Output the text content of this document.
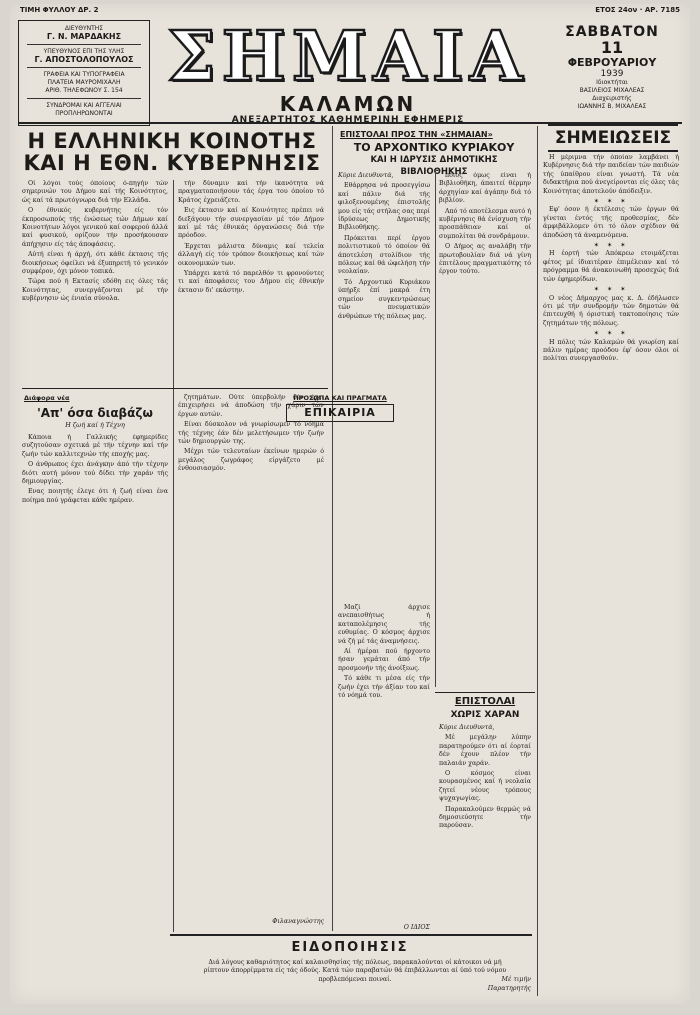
ΤΙΜΗ ΦΥΛΛΟΥ ΔΡ. 2	ΕΤΟΣ 24ον · ΑΡ. 7185
ΔΙΕΥΘΥΝΤΗΣ
Γ. Ν. ΜΑΡΔΑΚΗΣ
ΥΠΕΥΘΥΝΟΣ ΕΠΙ ΤΗΣ ΥΛΗΣ
Γ. ΑΠΟΣΤΟΛΟΠΟΥΛΟΣ
ΓΡΑΦΕΙΑ ΚΑΙ ΤΥΠΟΓΡΑΦΕΙΑ
ΠΛΑΤΕΙΑ ΜΑΥΡΟΜΙΧΑΛΗ
ΑΡΙΘ. ΤΗΛΕΦΩΝΟΥ Σ. 154
ΣΥΝΔΡΟΜΑΙ ΚΑΙ ΑΓΓΕΛΙΑΙ
ΠΡΟΠΛΗΡΩΝΟΝΤΑΙ
ΣΗΜΑΙΑ
ΚΑΛΑΜΩΝ
ΑΝΕΞΑΡΤΗΤΟΣ ΚΑΘΗΜΕΡΙΝΗ ΕΦΗΜΕΡΙΣ
ΣΑΒΒΑΤΟΝ
11
ΦΕΒΡΟΥΑΡΙΟΥ
1939
Ιδιοκτήται
ΒΑΣΙΛΕΙΟΣ ΜΙΧΑΛΕΑΣ
Διαχειριστής
ΙΩΑΝΝΗΣ Β. ΜΙΧΑΛΕΑΣ
Η ΕΛΛΗΝΙΚΗ ΚΟΙΝΟΤΗΣ
ΚΑΙ Η ΕΘΝ. ΚΥΒΕΡΝΗΣΙΣ

Οί λόγοι τούς όποίους ό-πηγήν τών σημερινών του Δήμου καί τής Κοινότητος, ώς καί τά πρωτόγνωρα διά τήν Ελλάδα.

Ο έθνικός κυβερνήτης είς τόν έκπροσωπούς τής ένώσεως τών Δήμων καί Κοινοτήτων λόγοι γενικού καί σοφερού άλλά καί φυσικού, ορίζουν τήν προσήκουσαν άπήχησιν είς τάς άποφάσεις.

Αύτή είναι ή άρχή, ότι κάθε έκτασις τής διοικήσεως όφείλει νά έξυπηρετή τό γενικόν συμφέρον, όχι μόνον τοπικά.

Τώρα πού ή Εκτασίς εδόθη εις όλες τάς Κοινότητας, συνεργάζονται μέ τήν κυβέρνησιν ώς ένιαία σύνολα.

τήν δύναμιν καί τήν ίκανότητα νά πραγματοποιήσουν τάς έργα του όποίου τό Κράτος έχρειάζετο.

Εις έκτασιν καί αί Κοινότητες πρέπει νά διεξάγουν τήν συνεργασίαν μέ τόν Δήμον καί μέ τάς έθνικάς όργανώσεις διά τήν πρόοδον.

Έρχεται μάλιστα δύναμις καί τελεία άλλαγή είς τόν τρόπον διοικήσεως καί τών οικονομικών των.

Υπάρχει κατά τό παρελθόν τι φρονούντες τι καί άποφάσεις του Δήμου είς έθνικήν έκτασιν δι' εκάστην.

ΕΠΙΣΤΟΛΑΙ ΠΡΟΣ ΤΗΝ «ΣΗΜΑΙΑΝ»
ΤΟ ΑΡΧΟΝΤΙΚΟ ΚΥΡΙΑΚΟΥ
ΚΑΙ Η ΙΔΡΥΣΙΣ ΔΗΜΟΤΙΚΗΣ ΒΙΒΛΙΟΘΗΚΗΣ

Κύριε Διευθυντά,

Εθάρρησα νά προσεγγίσω καί πάλιν διά τής φιλοξενουμένης έπιστολής μου είς τάς στήλας σας περί ίδρύσεως Δημοτικής Βιβλιοθήκης.

Πρόκειται περί έργου πολιτιστικού τό όποίον θά άποτελέση στολίδιον τής πόλεως καί θά ώφελήση τήν νεολαίαν.

Τό Αρχοντικό Κυριάκου ύπήρξε έπί μακρά έτη σημείον συγκεντρώσεως τών πνευματικών άνθρώπων τής πόλεως μας.

ποιος όμως είναι ή Βιβλιοθήκη, άπαιτεί θέρμην άρχηγίαν καί άγάπην διά τό βιβλίον.

Από τό αποτέλεσμα αυτό ή κυβέρνησις θά ένίσχυση τήν προσπάθειαν καί οί συμπολίται θά συνδράμουν.

Ο Δήμος ας αναλάβη τήν πρωτοβουλίαν διά νά γίνη έπιτέλους πραγματικότης τό έργον τούτο.

ΣΗΜΕΙΩΣΕΙΣ

Η μέριμνα τήν όποίαν λαμβάνει ή Κυβέρνησις διά τήν παιδείαν τών παιδιών τής ύπαίθρου είναι γνωστή. Τά νέα διδακτήρια πού άνεγείρονται είς όλες τάς Κοινότητας άποτελούν άπόδειξιν.

✶ ✶ ✶

Εφ' όσον ή έκτέλεσις τών έργων θά γίνεται έντός τής προθεσμίας, δέν άμφιβάλλομεν ότι τό όλον σχέδιον θά άποδώση τά άναμενόμενα.

✶ ✶ ✶

Η έορτή τών Απόκρεω ετοιμάζεται φέτος μέ ίδιαιτέραν έπιμέλειαν καί τό πρόγραμμα θά άνακοινωθή προσεχώς διά τών έφημερίδων.

✶ ✶ ✶

Ο νέος Δήμαρχος μας κ. Δ. έδήλωσεν ότι μέ τήν συνδρομήν τών δημοτών θά έπιτευχθή ή όριστική τακτοποίησις τών ζητημάτων τής πόλεως.

✶ ✶ ✶

Η πόλις τών Καλαμών θά γνωρίση καί πάλιν ημέρας προόδου έφ' όσον όλοι οί πολίται συνεργασθούν.

Διάφορα νέα
'Απ' όσα διαβάζω
Η ζωή καί ή Τέχνη

Κάποια ή Γαλλικής έφημερίδες συζητούσαν σχετικά μέ τήν τέχνην καί τήν ζωήν τών καλλιτεχνών τής εποχής μας.

Ο άνθρωπος έχει άνάγκην άπό τήν τέχνην διότι αυτή μόνον τού δίδει τήν χαράν τής δημιουργίας.

Ενας ποιητής έλεγε ότι ή ζωή είναι ένα ποίημα πού γράφεται κάθε ημέραν.

ζητημάτων. Ούτε ύπερβολήν δέν έχει έπιχειρήσει νά άποδώση τήν χάριν τών έργων αυτών.

Είναι δύσκολον νά γνωρίσωμεν τό νόημα τής τέχνης έάν δέν μελετήσωμεν τήν ζωήν τών δημιουργών της.

Μέχρι τών τελευταίων έκείνων ημερών ό μεγάλος ζωγράφος είργάζετο μέ ένθουσιασμόν.

Φιλαναγνώστης
ΠΡΟΣΩΠΑ ΚΑΙ ΠΡΑΓΜΑΤΑ
ΕΠΙΚΑΙΡΙΑ
ΕΠΙΣΤΟΛΑΙ
ΧΩΡΙΣ ΧΑΡΑΝ

Κύριε Διευθυντά,

Μέ μεγάλην λύπην παρατηρούμεν ότι αί έορταί δέν έχουν πλέον τήν παλαιάν χαράν.

Ο κόσμος είναι κουρασμένος καί ή νεολαία ζητεί νέους τρόπους ψυχαγωγίας.

Παρακαλούμεν θερμώς νά δημοσιεύσητε τήν παρούσαν.

Μέ τιμήν
Παρατηρητής

Μαζί άρχισε ανεπαισθήτως ή καταπολέμησις τής ευθυμίας. Ο κόσμος άρχισε νά ζή μέ τάς άναμνήσεις.

Αί ήμέραι πού ήρχοντο ήσαν γεμάται άπό τήν προσμονήν τής άνοίξεως.

Τό κάθε τι μέσα είς τήν ζωήν έχει τήν άξίαν του καί τό νόημά του.

Ο ΙΔΙΟΣ
ΕΙΔΟΠΟΙΗΣΙΣ
Διά λόγους καθαριότητος καί καλαισθησίας τής πόλεως, παρακαλούνται οί κάτοικοι νά μή ρίπτουν άπορρίμματα είς τάς όδούς. Κατά τών παραβατών θά έπιβάλλωνται αί ύπό τού νόμου προβλεπόμεναι ποιναί.
